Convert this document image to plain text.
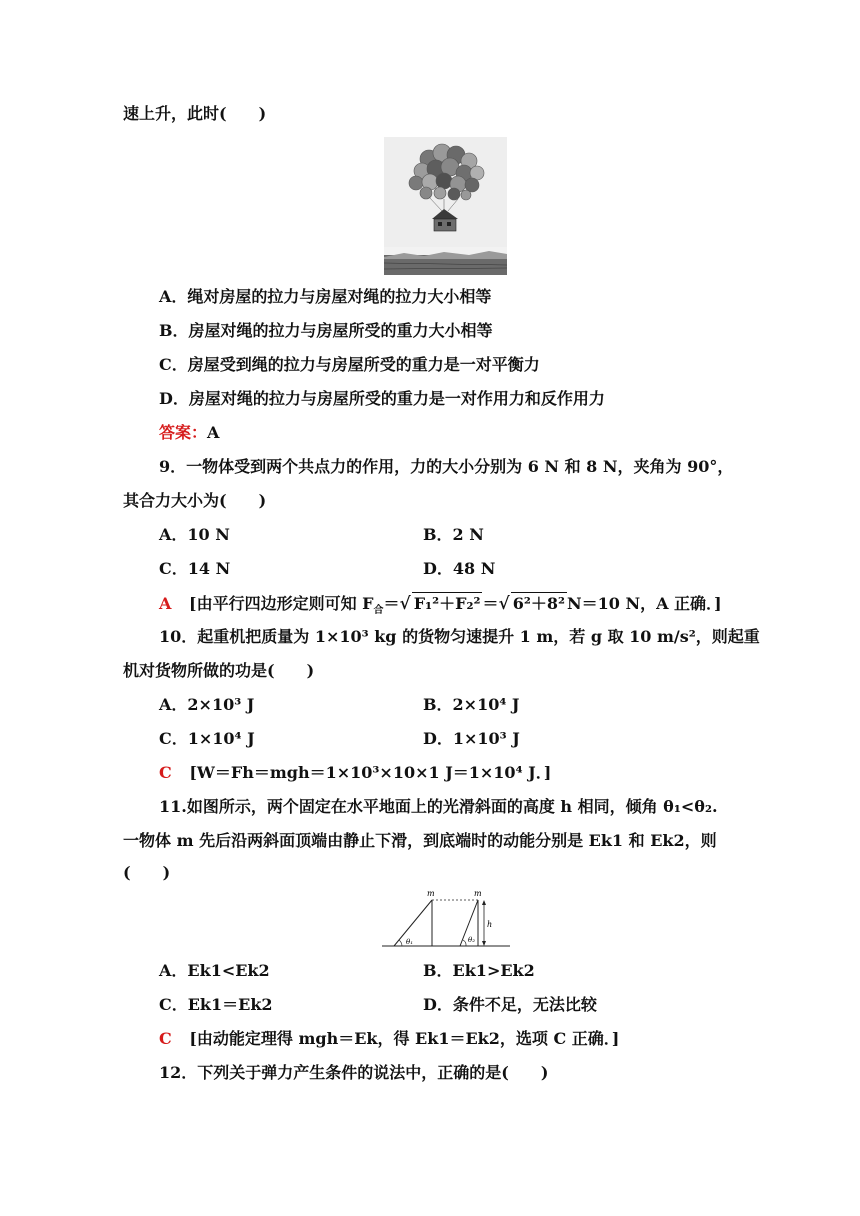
速上升，此时(　　)
A．绳对房屋的拉力与房屋对绳的拉力大小相等
B．房屋对绳的拉力与房屋所受的重力大小相等
C．房屋受到绳的拉力与房屋所受的重力是一对平衡力
D．房屋对绳的拉力与房屋所受的重力是一对作用力和反作用力
答案：A
9．一物体受到两个共点力的作用，力的大小分别为 6 N 和 8 N，夹角为 90°，
其合力大小为(　　)
A．10 N	B．2 N
C．14 N	D．48 N
A [由平行四边形定则可知 $F_合=√$ F₁²＋F₂² ＝√ 6²＋8² N＝10 N，A 正确．]
10．起重机把质量为 1×10³ kg 的货物匀速提升 1 m，若 g 取 10 m/s²，则起重
机对货物所做的功是(　　)
A．2×10³ J	B．2×10⁴ J
C．1×10⁴ J	D．1×10³ J
C [W＝Fh＝mgh＝1×10³×10×1 J＝1×10⁴ J．]
11.如图所示，两个固定在水平地面上的光滑斜面的高度 h 相同，倾角 θ₁<θ₂.
一物体 m 先后沿两斜面顶端由静止下滑，到底端时的动能分别是 Ek1 和 Ek2，则
(　　)
m	m
h
θ₁	θ₂
A．Ek1<Ek2	B．Ek1>Ek2
C．Ek1＝Ek2	D．条件不足，无法比较
C [由动能定理得 mgh＝Ek，得 Ek1＝Ek2，选项 C 正确．]
12．下列关于弹力产生条件的说法中，正确的是(　　)
